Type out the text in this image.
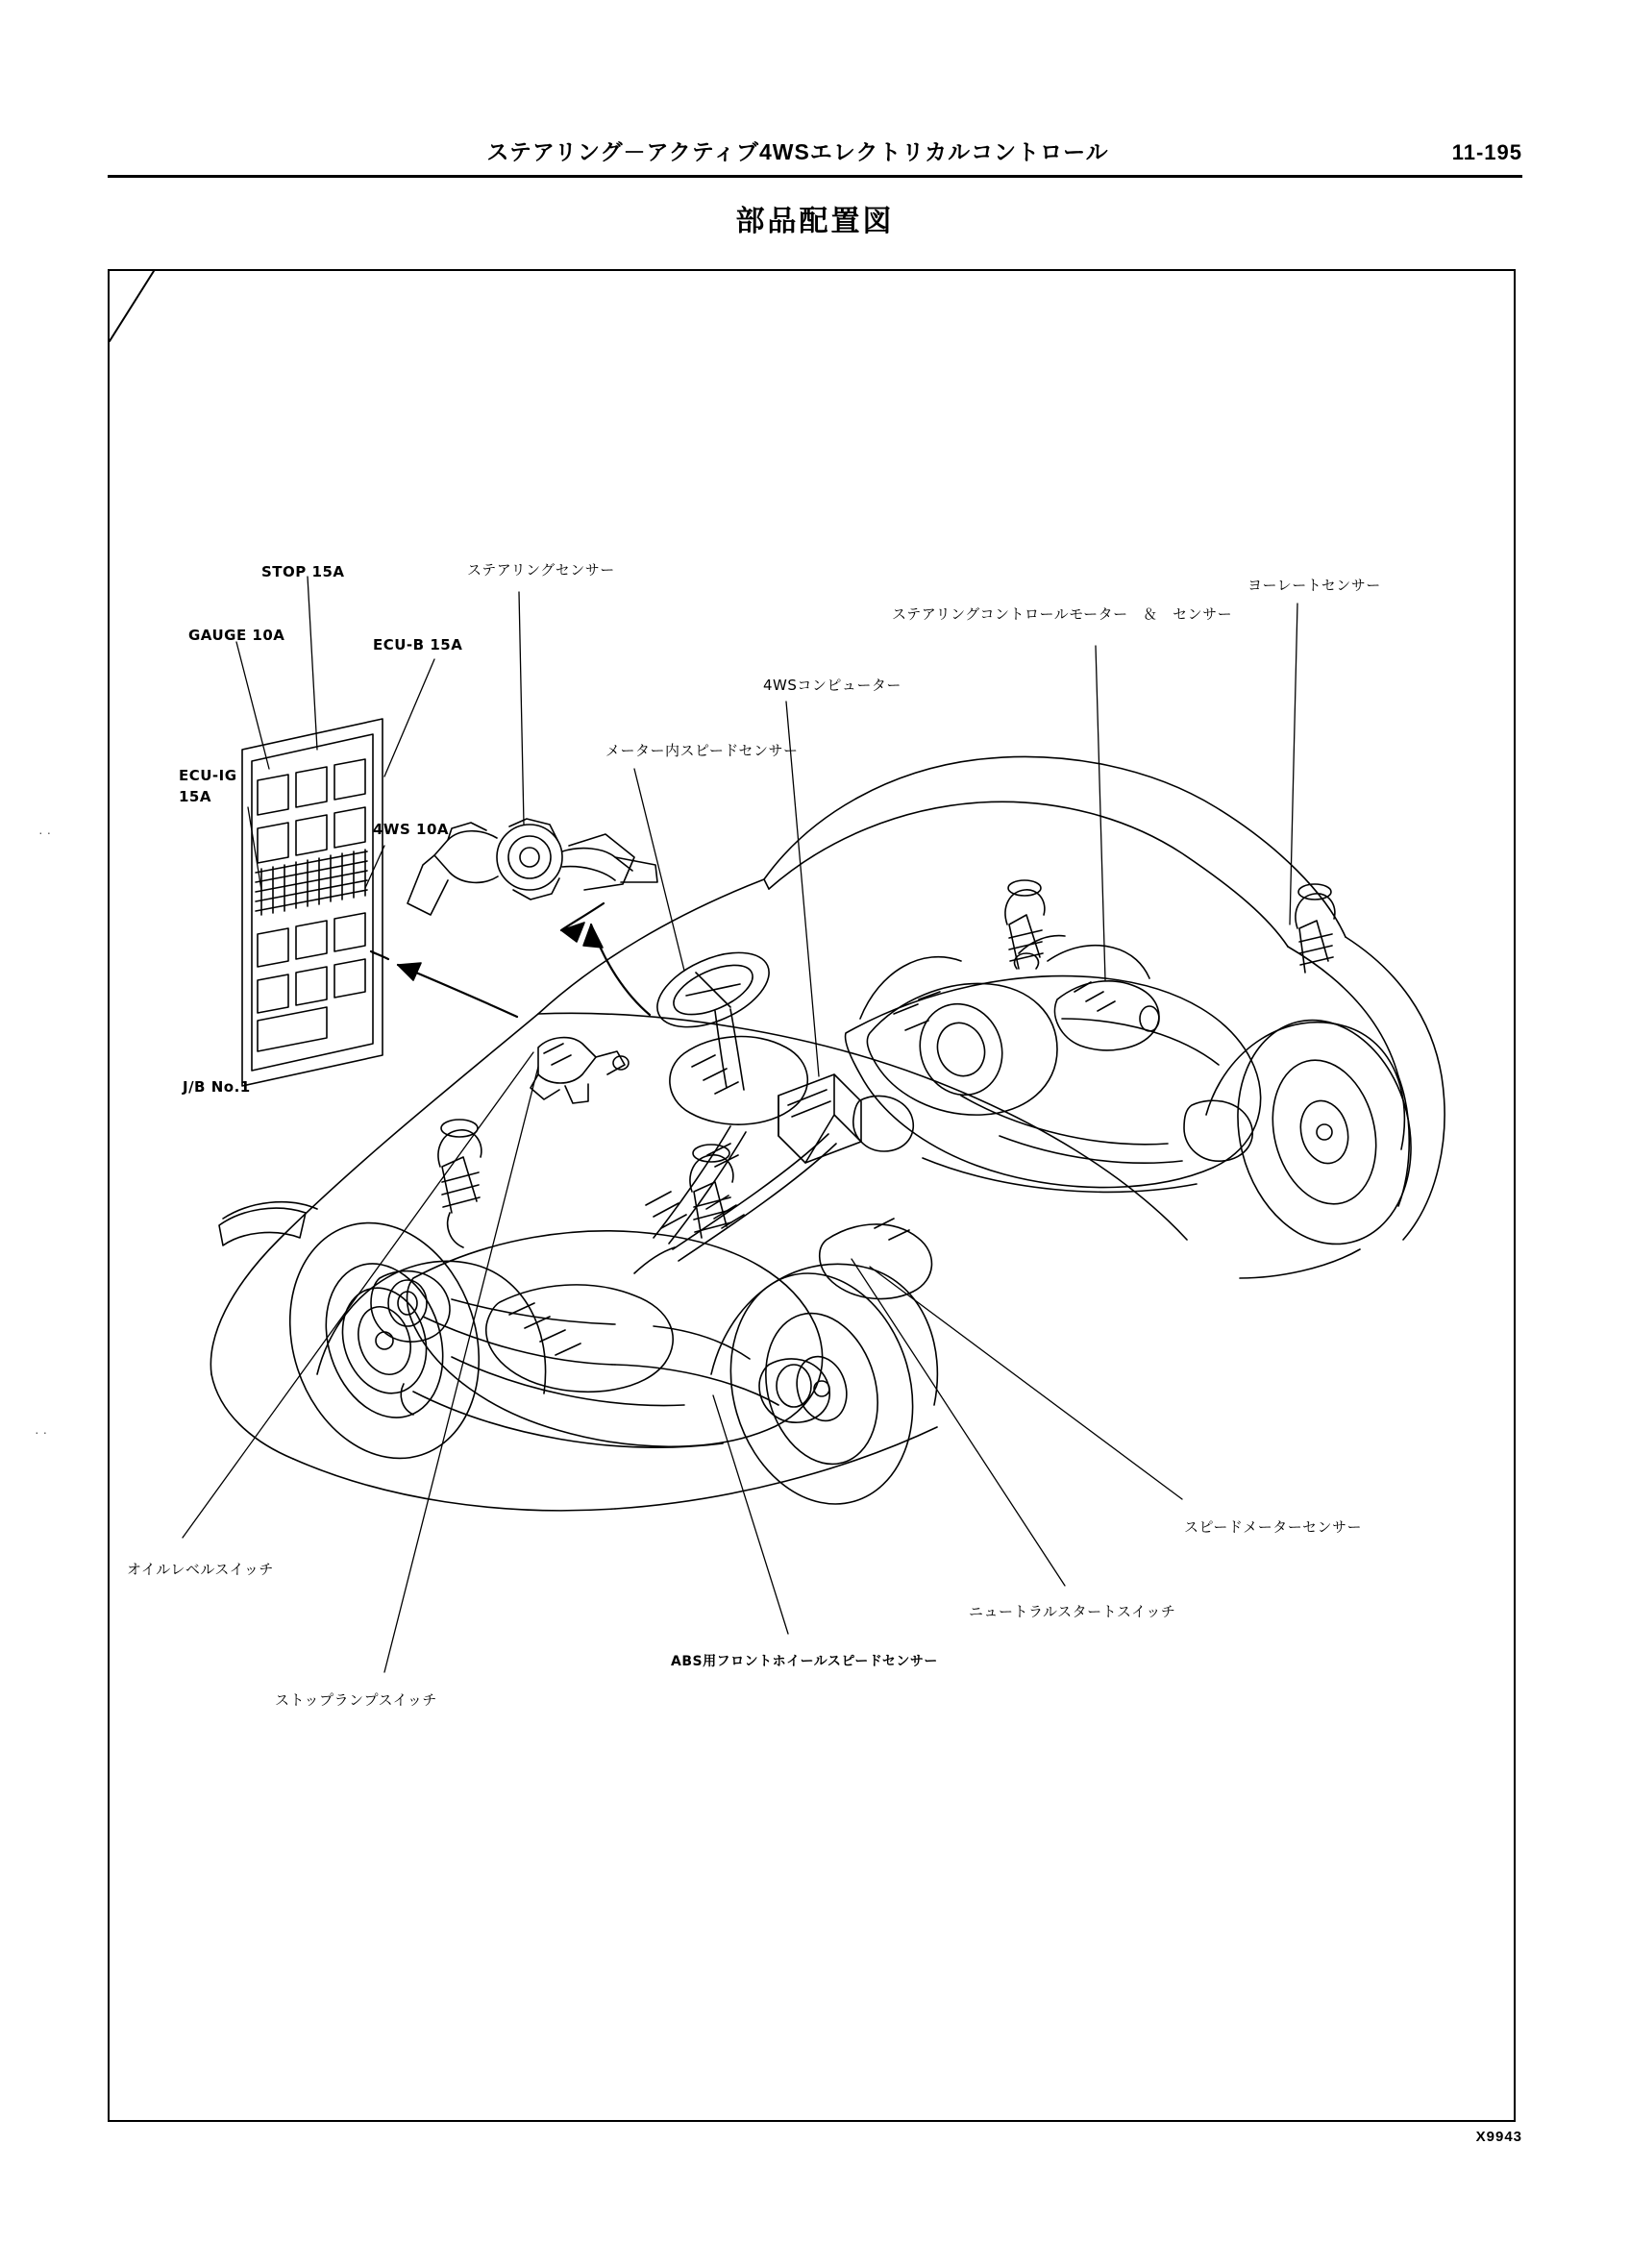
ステアリング－アクティブ4WSエレクトリカルコントロール	11-195
部品配置図
· ·
· ·
STOP 15A
GAUGE 10A
ECU-B 15A
ECU-IG
15A
4WS 10A
J/B No.1
ステアリングセンサー
メーター内スピードセンサー
4WSコンピューター
ステアリングコントロールモーター　＆　センサー
ヨーレートセンサー
オイルレベルスイッチ
ストップランプスイッチ
ABS用フロントホイールスピードセンサー
ニュートラルスタートスイッチ
スピードメーターセンサー
X9943
